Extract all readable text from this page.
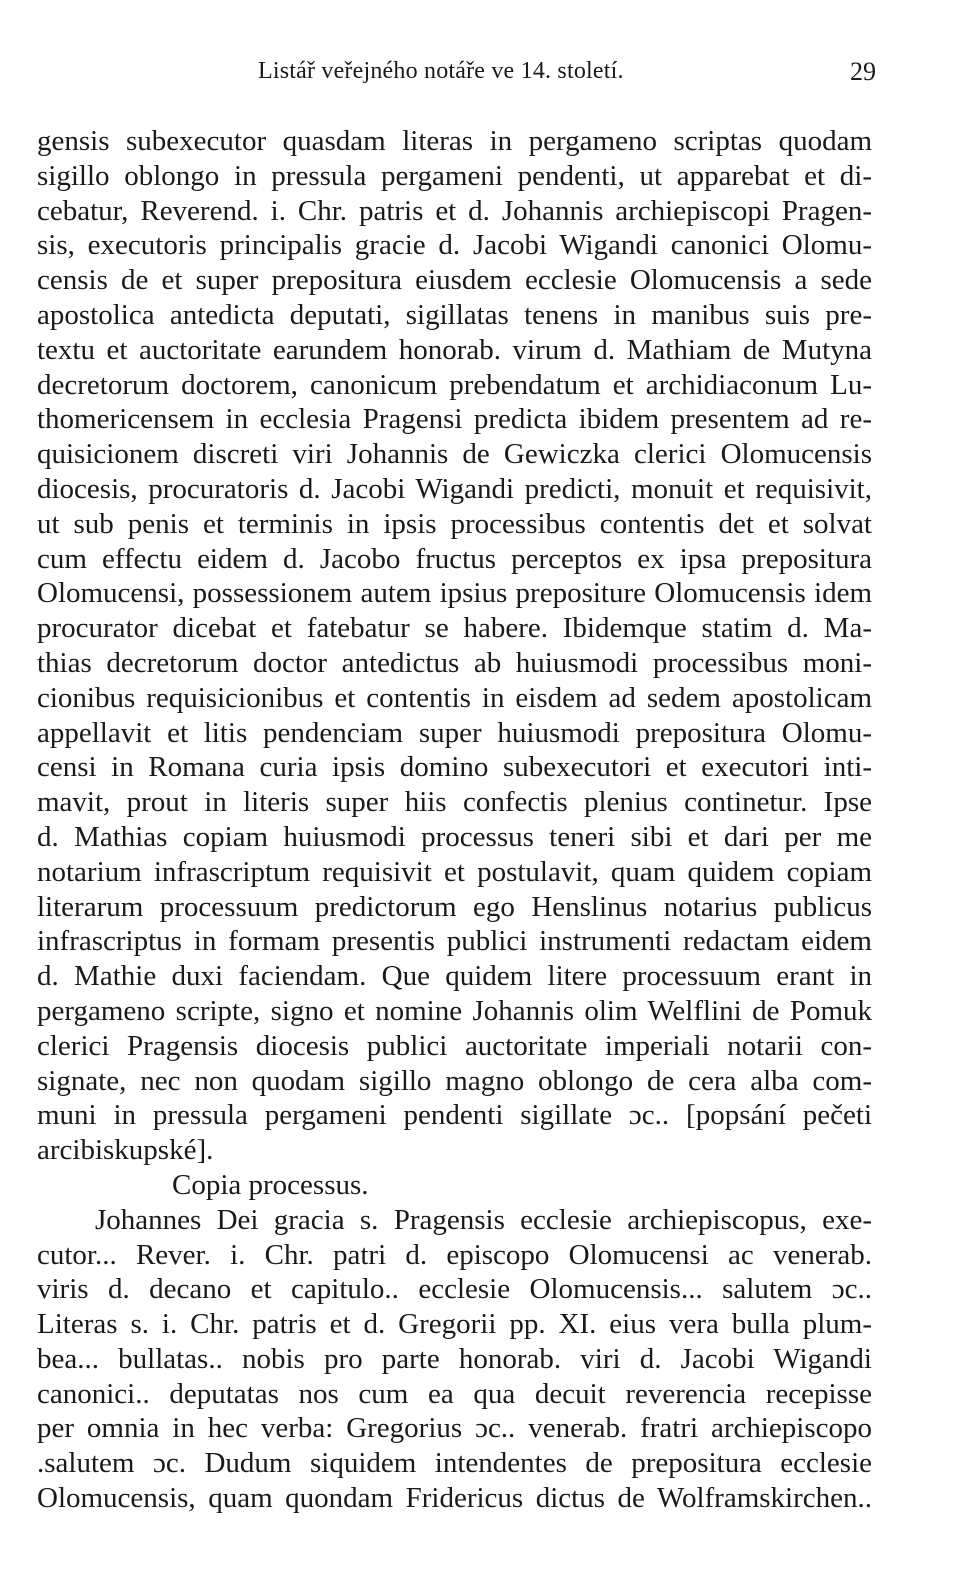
Listář veřejného notáře ve 14. století.	29
gensis subexecutor quasdam literas in pergameno scriptas quodam
sigillo oblongo in pressula pergameni pendenti, ut apparebat et di-
cebatur, Reverend. i. Chr. patris et d. Johannis archiepiscopi Pragen-
sis, executoris principalis gracie d. Jacobi Wigandi canonici Olomu-
censis de et super prepositura eiusdem ecclesie Olomucensis a sede
apostolica antedicta deputati, sigillatas tenens in manibus suis pre-
textu et auctoritate earundem honorab. virum d. Mathiam de Mutyna
decretorum doctorem, canonicum prebendatum et archidiaconum Lu-
thomericensem in ecclesia Pragensi predicta ibidem presentem ad re-
quisicionem discreti viri Johannis de Gewiczka clerici Olomucensis
diocesis, procuratoris d. Jacobi Wigandi predicti, monuit et requisivit,
ut sub penis et terminis in ipsis processibus contentis det et solvat
cum effectu eidem d. Jacobo fructus perceptos ex ipsa prepositura
Olomucensi, possessionem autem ipsius prepositure Olomucensis idem
procurator dicebat et fatebatur se habere. Ibidemque statim d. Ma-
thias decretorum doctor antedictus ab huiusmodi processibus moni-
cionibus requisicionibus et contentis in eisdem ad sedem apostolicam
appellavit et litis pendenciam super huiusmodi prepositura Olomu-
censi in Romana curia ipsis domino subexecutori et executori inti-
mavit, prout in literis super hiis confectis plenius continetur. Ipse
d. Mathias copiam huiusmodi processus teneri sibi et dari per me
notarium infrascriptum requisivit et postulavit, quam quidem copiam
literarum processuum predictorum ego Henslinus notarius publicus
infrascriptus in formam presentis publici instrumenti redactam eidem
d. Mathie duxi faciendam. Que quidem litere processuum erant in
pergameno scripte, signo et nomine Johannis olim Welflini de Pomuk
clerici Pragensis diocesis publici auctoritate imperiali notarii con-
signate, nec non quodam sigillo magno oblongo de cera alba com-
muni in pressula pergameni pendenti sigillate ɔc.. [popsání pečeti
arcibiskupské].
Copia processus.
Johannes Dei gracia s. Pragensis ecclesie archiepiscopus, exe-
cutor... Rever. i. Chr. patri d. episcopo Olomucensi ac venerab.
viris d. decano et capitulo.. ecclesie Olomucensis... salutem ɔc..
Literas s. i. Chr. patris et d. Gregorii pp. XI. eius vera bulla plum-
bea... bullatas.. nobis pro parte honorab. viri d. Jacobi Wigandi
canonici.. deputatas nos cum ea qua decuit reverencia recepisse
per omnia in hec verba: Gregorius ɔc.. venerab. fratri archiepiscopo
.salutem ɔc. Dudum siquidem intendentes de prepositura ecclesie
Olomucensis, quam quondam Fridericus dictus de Wolframskirchen..
